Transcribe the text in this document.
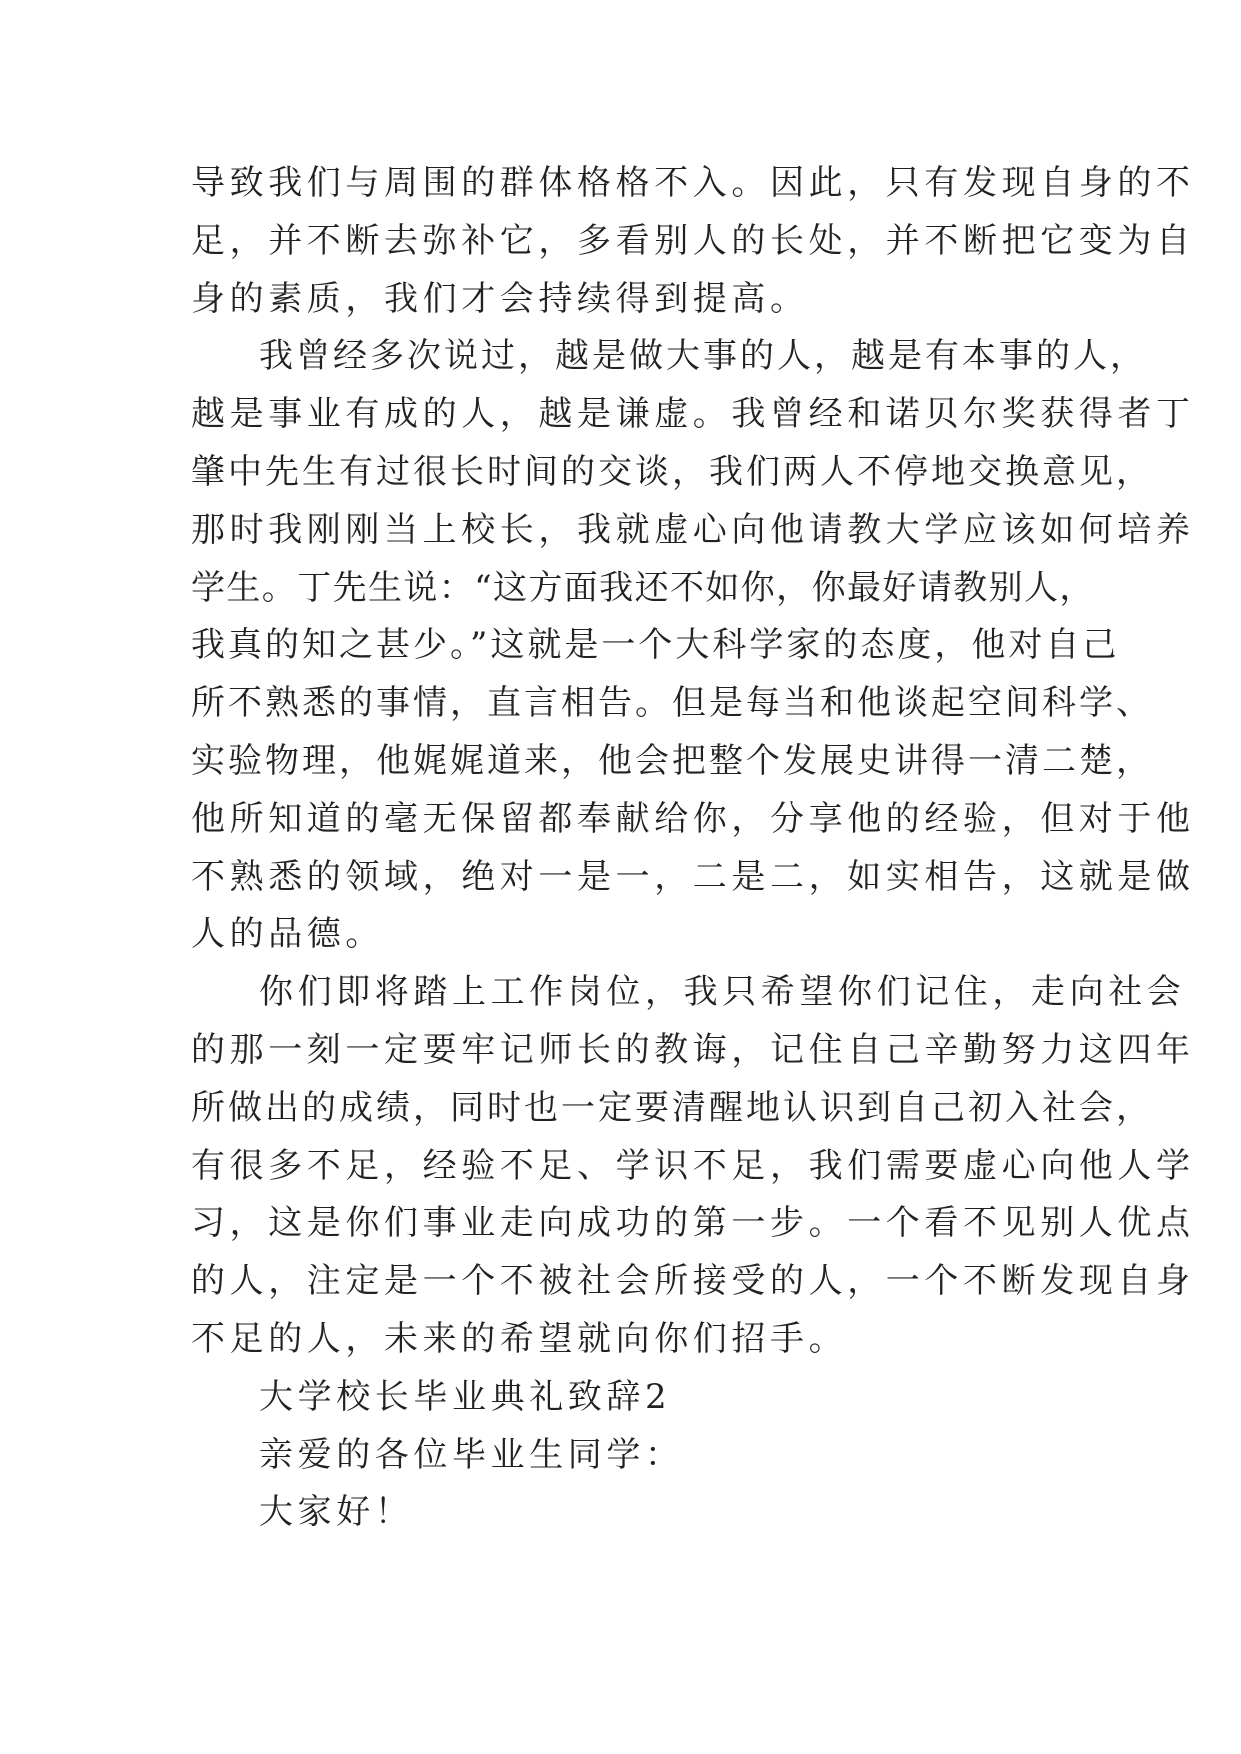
导致我们与周围的群体格格不入。因此，只有发现自身的不
足，并不断去弥补它，多看别人的长处，并不断把它变为自
身的素质，我们才会持续得到提高。
我曾经多次说过，越是做大事的人，越是有本事的人，
越是事业有成的人，越是谦虚。我曾经和诺贝尔奖获得者丁
肇中先生有过很长时间的交谈，我们两人不停地交换意见，
那时我刚刚当上校长，我就虚心向他请教大学应该如何培养
学生。丁先生说：“这方面我还不如你，你最好请教别人，
我真的知之甚少。”这就是一个大科学家的态度，他对自己
所不熟悉的事情，直言相告。但是每当和他谈起空间科学、
实验物理，他娓娓道来，他会把整个发展史讲得一清二楚，
他所知道的毫无保留都奉献给你，分享他的经验，但对于他
不熟悉的领域，绝对一是一，二是二，如实相告，这就是做
人的品德。
你们即将踏上工作岗位，我只希望你们记住，走向社会
的那一刻一定要牢记师长的教诲，记住自己辛勤努力这四年
所做出的成绩，同时也一定要清醒地认识到自己初入社会，
有很多不足，经验不足、学识不足，我们需要虚心向他人学
习，这是你们事业走向成功的第一步。一个看不见别人优点
的人，注定是一个不被社会所接受的人，一个不断发现自身
不足的人，未来的希望就向你们招手。
大学校长毕业典礼致辞2
亲爱的各位毕业生同学：
大家好！
